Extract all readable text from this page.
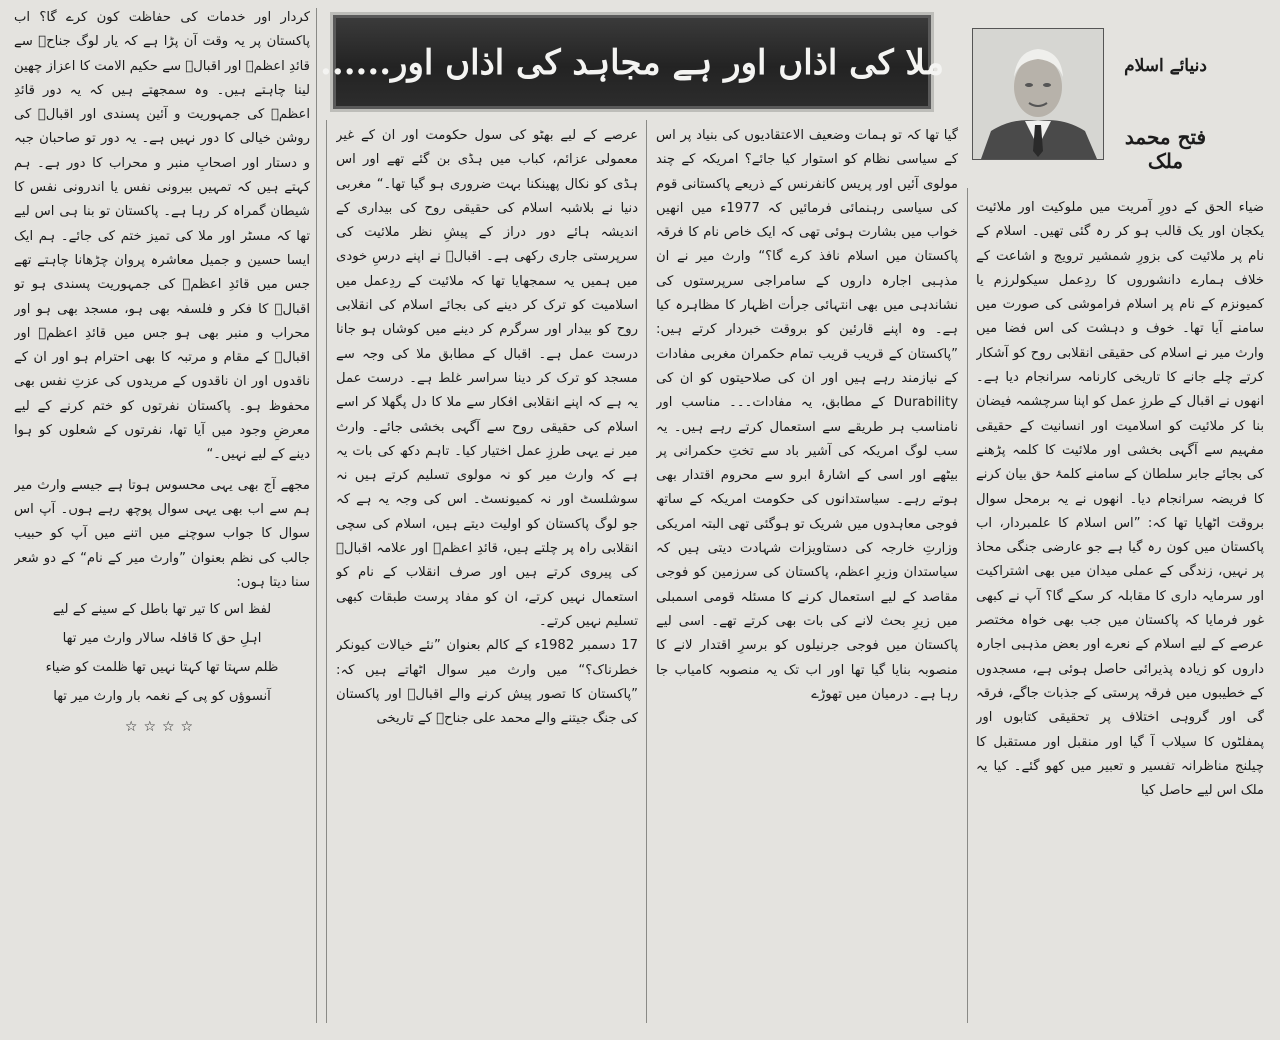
ملا کی اذاں اور ہے مجاہد کی اذاں اور......	دنیائے اسلام
فتح محمد ملک

ضیاء الحق کے دورِ آمریت میں ملوکیت اور ملائیت یکجان اور یک قالب ہو کر رہ گئی تھیں۔ اسلام کے نام پر ملائیت کی بزورِ شمشیر ترویج و اشاعت کے خلاف ہمارے دانشوروں کا ردِعمل سیکولرزم یا کمیونزم کے نام پر اسلام فراموشی کی صورت میں سامنے آیا تھا۔ خوف و دہشت کی اس فضا میں وارث میر نے اسلام کی حقیقی انقلابی روح کو آشکار کرتے چلے جانے کا تاریخی کارنامہ سرانجام دیا ہے۔ انھوں نے اقبال کے طرزِ عمل کو اپنا سرچشمہ فیضان بنا کر ملائیت کو اسلامیت اور انسانیت کے حقیقی مفہیم سے آگہی بخشی اور ملائیت کا کلمہ پڑھنے کی بجائے جابر سلطان کے سامنے کلمۂ حق بیان کرنے کا فریضہ سرانجام دیا۔ انھوں نے یہ برمحل سوال بروقت اٹھایا تھا کہ: ”اس اسلام کا علمبردار، اب پاکستان میں کون رہ گیا ہے جو عارضی جنگی محاذ پر نہیں، زندگی کے عملی میدان میں بھی اشتراکیت اور سرمایہ داری کا مقابلہ کر سکے گا؟ آپ نے کبھی غور فرمایا کہ پاکستان میں جب بھی خواہ مختصر عرصے کے لیے اسلام کے نعرے اور بعض مذہبی اجارہ داروں کو زیادہ پذیرائی حاصل ہوئی ہے، مسجدوں کے خطیبوں میں فرقہ پرستی کے جذبات جاگے، فرقہ گی اور گروہی اختلاف پر تحقیقی کتابوں اور پمفلٹوں کا سیلاب آ گیا اور منقبل اور مستقبل کا چیلنج مناظرانہ تفسیر و تعبیر میں کھو گئے۔ کیا یہ ملک اس لیے حاصل کیا

گیا تھا کہ تو ہمات وضعیف الاعتقادیوں کی بنیاد پر اس کے سیاسی نظام کو استوار کیا جائے؟ امریکہ کے چند مولوی آئیں اور پریس کانفرنس کے ذریعے پاکستانی قوم کی سیاسی رہنمائی فرمائیں کہ 1977ء میں انھیں خواب میں بشارت ہوئی تھی کہ ایک خاص نام کا فرقہ پاکستان میں اسلام نافذ کرے گا؟“ وارث میر نے ان مذہبی اجارہ داروں کے سامراجی سرپرستوں کی نشاندہی میں بھی انتہائی جرأت اظہار کا مظاہرہ کیا ہے۔ وہ اپنے قارئین کو بروقت خبردار کرتے ہیں: ”پاکستان کے قریب قریب تمام حکمران مغربی مفادات کے نیازمند رہے ہیں اور ان کی صلاحیتوں کو ان کی Durability کے مطابق، یہ مفادات۔۔۔ مناسب اور نامناسب ہر طریقے سے استعمال کرتے رہے ہیں۔ یہ سب لوگ امریکہ کی آشیر باد سے تختِ حکمرانی پر بیٹھے اور اسی کے اشارۂ ابرو سے محروم اقتدار بھی ہوتے رہے۔ سیاستدانوں کی حکومت امریکہ کے ساتھ فوجی معاہدوں میں شریک تو ہوگئی تھی البتہ امریکی وزارتِ خارجہ کی دستاویزات شہادت دیتی ہیں کہ سیاستدان وزیرِ اعظم، پاکستان کی سرزمین کو فوجی مقاصد کے لیے استعمال کرنے کا مسئلہ قومی اسمبلی میں زیرِ بحث لانے کی بات بھی کرتے تھے۔ اسی لیے پاکستان میں فوجی جرنیلوں کو برسرِ اقتدار لانے کا منصوبہ بنایا گیا تھا اور اب تک یہ منصوبہ کامیاب جا رہا ہے۔ درمیان میں تھوڑے

عرصے کے لیے بھٹو کی سول حکومت اور ان کے غیر معمولی عزائم، کباب میں ہڈی بن گئے تھے اور اس ہڈی کو نکال پھینکنا بہت ضروری ہو گیا تھا۔“ مغربی دنیا نے بلاشبہ اسلام کی حقیقی روح کی بیداری کے اندیشہ ہائے دور دراز کے پیشِ نظر ملائیت کی سرپرستی جاری رکھی ہے۔ اقبالؒ نے اپنے درسِ خودی میں ہمیں یہ سمجھایا تھا کہ ملائیت کے ردِعمل میں اسلامیت کو ترک کر دینے کی بجائے اسلام کی انقلابی روح کو بیدار اور سرگرم کر دینے میں کوشاں ہو جانا درست عمل ہے۔ اقبال کے مطابق ملا کی وجہ سے مسجد کو ترک کر دینا سراسر غلط ہے۔ درست عمل یہ ہے کہ اپنے انقلابی افکار سے ملا کا دل پگھلا کر اسے اسلام کی حقیقی روح سے آگہی بخشی جائے۔ وارث میر نے یہی طرزِ عمل اختیار کیا۔ تاہم دکھ کی بات یہ ہے کہ وارث میر کو نہ مولوی تسلیم کرتے ہیں نہ سوشلسٹ اور نہ کمیونسٹ۔ اس کی وجہ یہ ہے کہ جو لوگ پاکستان کو اولیت دیتے ہیں، اسلام کی سچی انقلابی راہ پر چلتے ہیں، قائدِ اعظمؒ اور علامہ اقبالؒ کی پیروی کرتے ہیں اور صرف انقلاب کے نام کو استعمال نہیں کرتے، ان کو مفاد پرست طبقات کبھی تسلیم نہیں کرتے۔

17 دسمبر 1982ء کے کالم بعنوان ”نئے خیالات کیونکر خطرناک؟“ میں وارث میر سوال اٹھاتے ہیں کہ: ”پاکستان کا تصور پیش کرنے والے اقبالؒ اور پاکستان کی جنگ جیتنے والے محمد علی جناحؒ کے تاریخی

کردار اور خدمات کی حفاظت کون کرے گا؟ اب پاکستان پر یہ وقت آن پڑا ہے کہ یار لوگ جناحؒ سے قائدِ اعظمؒ اور اقبالؒ سے حکیم الامت کا اعزاز چھین لینا چاہتے ہیں۔ وہ سمجھتے ہیں کہ یہ دور قائدِ اعظمؒ کی جمہوریت و آئین پسندی اور اقبالؒ کی روشن خیالی کا دور نہیں ہے۔ یہ دور تو صاحبان جبہ و دستار اور اصحابِ منبر و محراب کا دور ہے۔ ہم کہتے ہیں کہ تمہیں بیرونی نفس یا اندرونی نفس کا شیطان گمراہ کر رہا ہے۔ پاکستان تو بنا ہی اس لیے تھا کہ مسٹر اور ملا کی تمیز ختم کی جائے۔ ہم ایک ایسا حسین و جمیل معاشرہ پروان چڑھانا چاہتے تھے جس میں قائدِ اعظمؒ کی جمہوریت پسندی ہو تو اقبالؒ کا فکر و فلسفہ بھی ہو، مسجد بھی ہو اور محراب و منبر بھی ہو جس میں قائدِ اعظمؒ اور اقبالؒ کے مقام و مرتبہ کا بھی احترام ہو اور ان کے ناقدوں اور ان ناقدوں کے مریدوں کی عزتِ نفس بھی محفوظ ہو۔ پاکستان نفرتوں کو ختم کرنے کے لیے معرضِ وجود میں آیا تھا، نفرتوں کے شعلوں کو ہوا دینے کے لیے نہیں۔“

مجھے آج بھی یہی محسوس ہوتا ہے جیسے وارث میر ہم سے اب بھی یہی سوال پوچھ رہے ہوں۔ آپ اس سوال کا جواب سوچنے میں اتنے میں آپ کو حبیب جالب کی نظم بعنوان ”وارث میر کے نام“ کے دو شعر سنا دیتا ہوں:

لفظ اس کا تیر تھا باطل کے سینے کے لیے
اہلِ حق کا قافلہ سالار وارث میر تھا
ظلم سہتا تھا کہتا نہیں تھا ظلمت کو ضیاء
آنسوؤں کو پی کے نغمہ بار وارث میر تھا
☆☆☆☆
